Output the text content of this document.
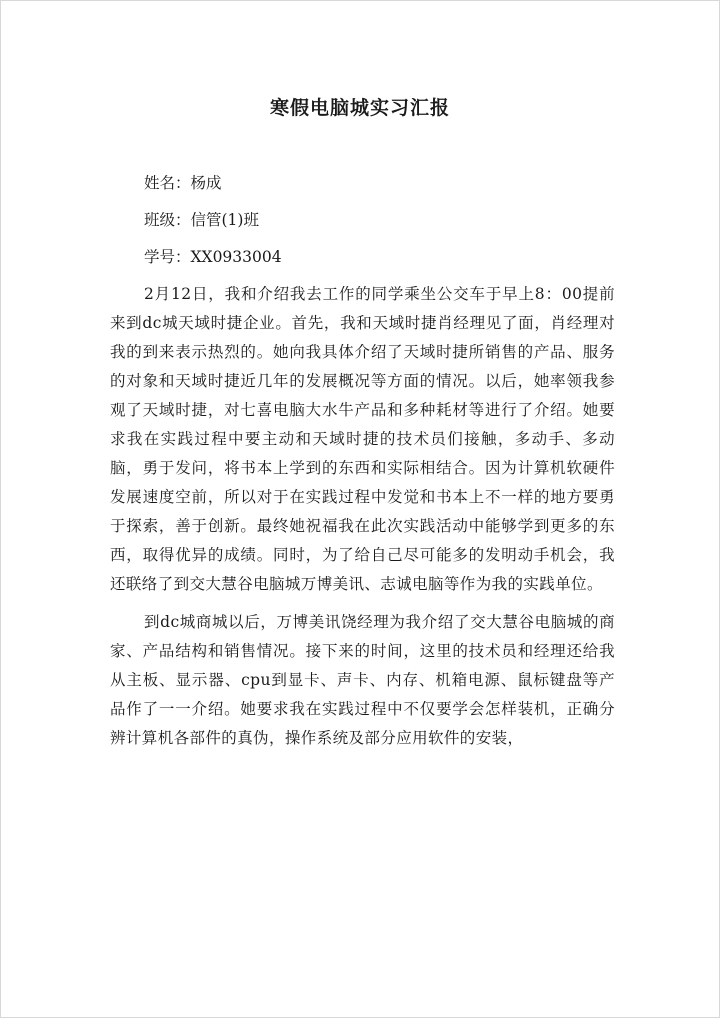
寒假电脑城实习汇报
姓名：杨成
班级：信管(1)班
学号：XX0933004

2月12日，我和介绍我去工作的同学乘坐公交车于早上8：00提前来到dc城天域时捷企业。首先，我和天域时捷肖经理见了面，肖经理对我的到来表示热烈的。她向我具体介绍了天域时捷所销售的产品、服务的对象和天域时捷近几年的发展概况等方面的情况。以后，她率领我参观了天域时捷，对七喜电脑大水牛产品和多种耗材等进行了介绍。她要求我在实践过程中要主动和天域时捷的技术员们接触，多动手、多动脑，勇于发问，将书本上学到的东西和实际相结合。因为计算机软硬件发展速度空前，所以对于在实践过程中发觉和书本上不一样的地方要勇于探索，善于创新。最终她祝福我在此次实践活动中能够学到更多的东西，取得优异的成绩。同时，为了给自己尽可能多的发明动手机会，我还联络了到交大慧谷电脑城万博美讯、志诚电脑等作为我的实践单位。

到dc城商城以后，万博美讯饶经理为我介绍了交大慧谷电脑城的商家、产品结构和销售情况。接下来的时间，这里的技术员和经理还给我从主板、显示器、cpu到显卡、声卡、内存、机箱电源、鼠标键盘等产品作了一一介绍。她要求我在实践过程中不仅要学会怎样装机，正确分辨计算机各部件的真伪，操作系统及部分应用软件的安装，
